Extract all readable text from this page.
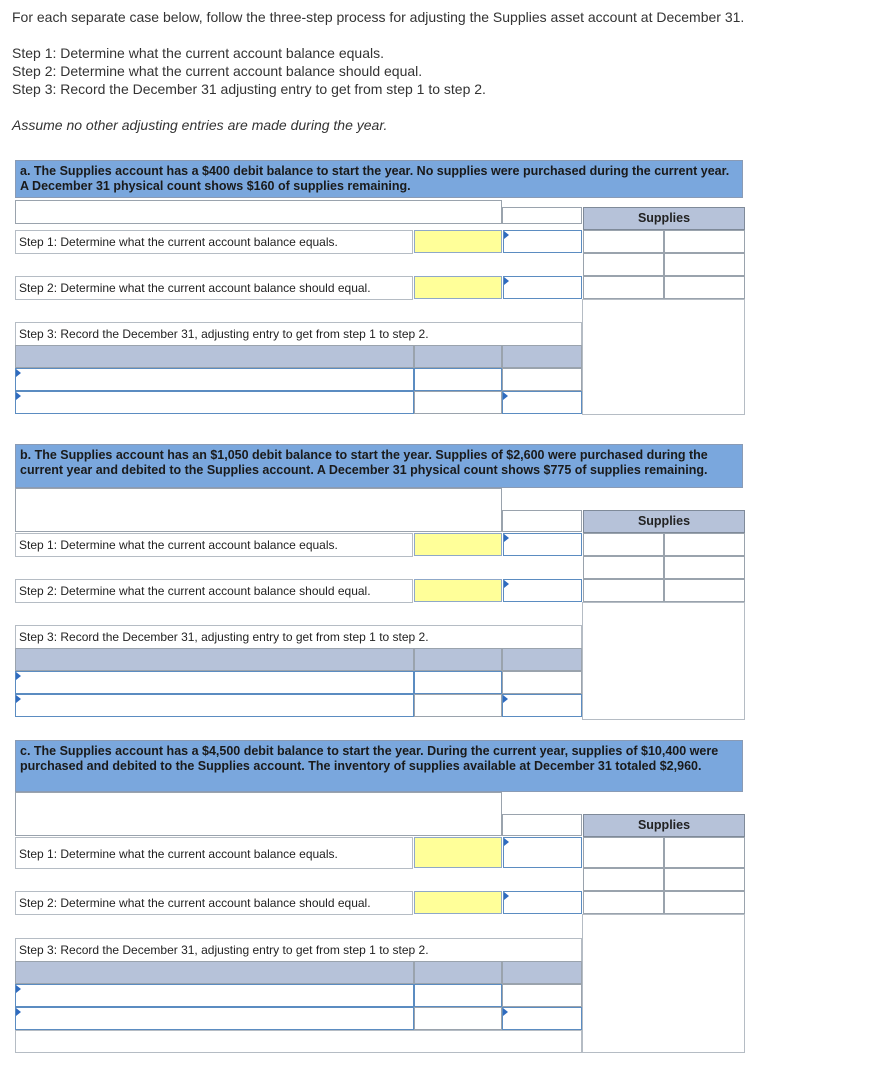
For each separate case below, follow the three-step process for adjusting the Supplies asset account at December 31.
Step 1: Determine what the current account balance equals.
Step 2: Determine what the current account balance should equal.
Step 3: Record the December 31 adjusting entry to get from step 1 to step 2.
Assume no other adjusting entries are made during the year.
a. The Supplies account has a $400 debit balance to start the year. No supplies were purchased during the current year. A December 31 physical count shows $160 of supplies remaining.
Supplies
Step 1: Determine what the current account balance equals.
Step 2: Determine what the current account balance should equal.
Step 3: Record the December 31, adjusting entry to get from step 1 to step 2.
b. The Supplies account has an $1,050 debit balance to start the year. Supplies of $2,600 were purchased during the current year and debited to the Supplies account. A December 31 physical count shows $775 of supplies remaining.
Supplies
Step 1: Determine what the current account balance equals.
Step 2: Determine what the current account balance should equal.
Step 3: Record the December 31, adjusting entry to get from step 1 to step 2.
c. The Supplies account has a $4,500 debit balance to start the year. During the current year, supplies of $10,400 were purchased and debited to the Supplies account. The inventory of supplies available at December 31 totaled $2,960.
Supplies
Step 1: Determine what the current account balance equals.
Step 2: Determine what the current account balance should equal.
Step 3: Record the December 31, adjusting entry to get from step 1 to step 2.
